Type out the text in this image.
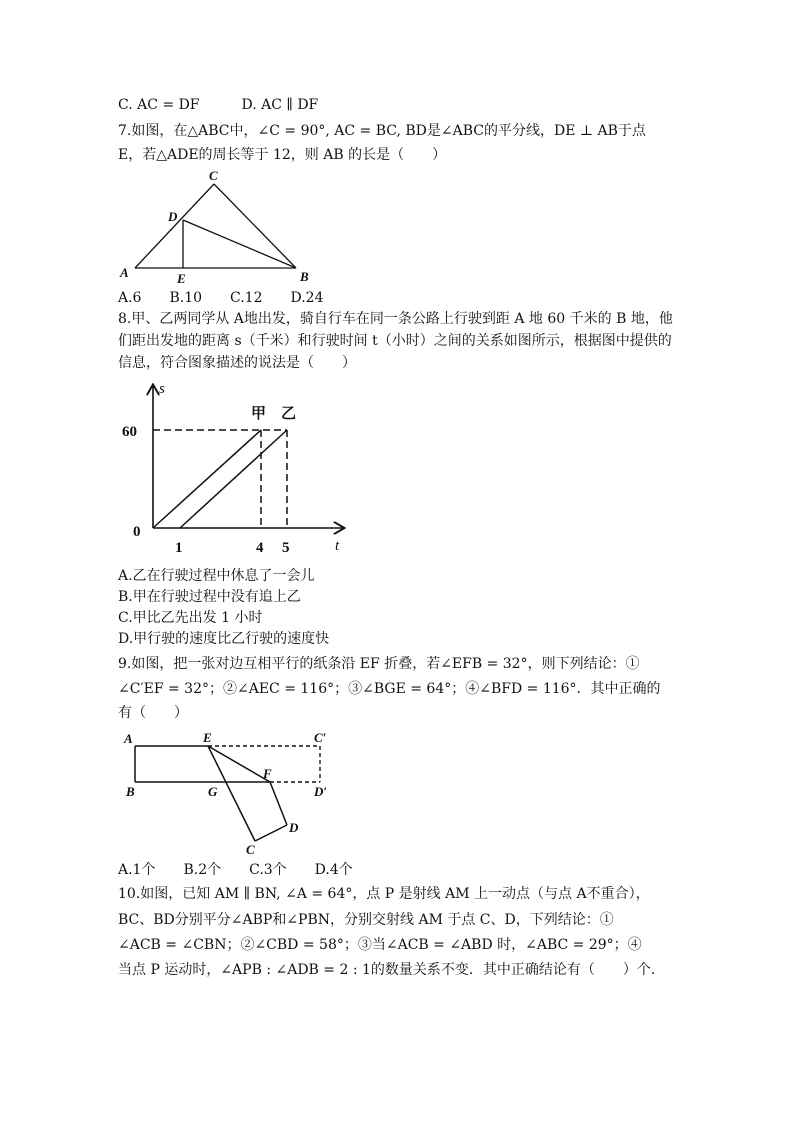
C. AC = DF　　　D. AC ∥ DF
7.如图，在△ABC中，∠C = 90°, AC = BC, BD是∠ABC的平分线，DE ⊥ AB于点
E，若△ADE的周长等于 12，则 AB 的长是（　　）
C
D
A	E	B
A.6　　B.10　　C.12　　D.24
8.甲、乙两同学从 A地出发，骑自行车在同一条公路上行驶到距 A 地 60 千米的 B 地，他
们距出发地的距离 s（千米）和行驶时间 t（小时）之间的关系如图所示，根据图中提供的
信息，符合图象描述的说法是（　　）
s
t
60
0
1	4 5
甲 乙
A.乙在行驶过程中休息了一会儿
B.甲在行驶过程中没有追上乙
C.甲比乙先出发 1 小时
D.甲行驶的速度比乙行驶的速度快
9.如图，把一张对边互相平行的纸条沿 EF 折叠，若∠EFB = 32°，则下列结论：①
∠C′EF = 32°；②∠AEC = 116°；③∠BGE = 64°；④∠BFD = 116°．其中正确的
有（　　）
A	E	C′
F
B	G	D′
D
C
A.1个　　B.2个　　C.3个　　D.4个
10.如图，已知 AM ∥ BN, ∠A = 64°，点 P 是射线 AM 上一动点（与点 A不重合），
BC、BD分别平分∠ABP和∠PBN，分别交射线 AM 于点 C、D，下列结论：①
∠ACB = ∠CBN；②∠CBD = 58°；③当∠ACB = ∠ABD 时，∠ABC = 29°；④
当点 P 运动时，∠APB : ∠ADB = 2 : 1的数量关系不变．其中正确结论有（　　）个．
